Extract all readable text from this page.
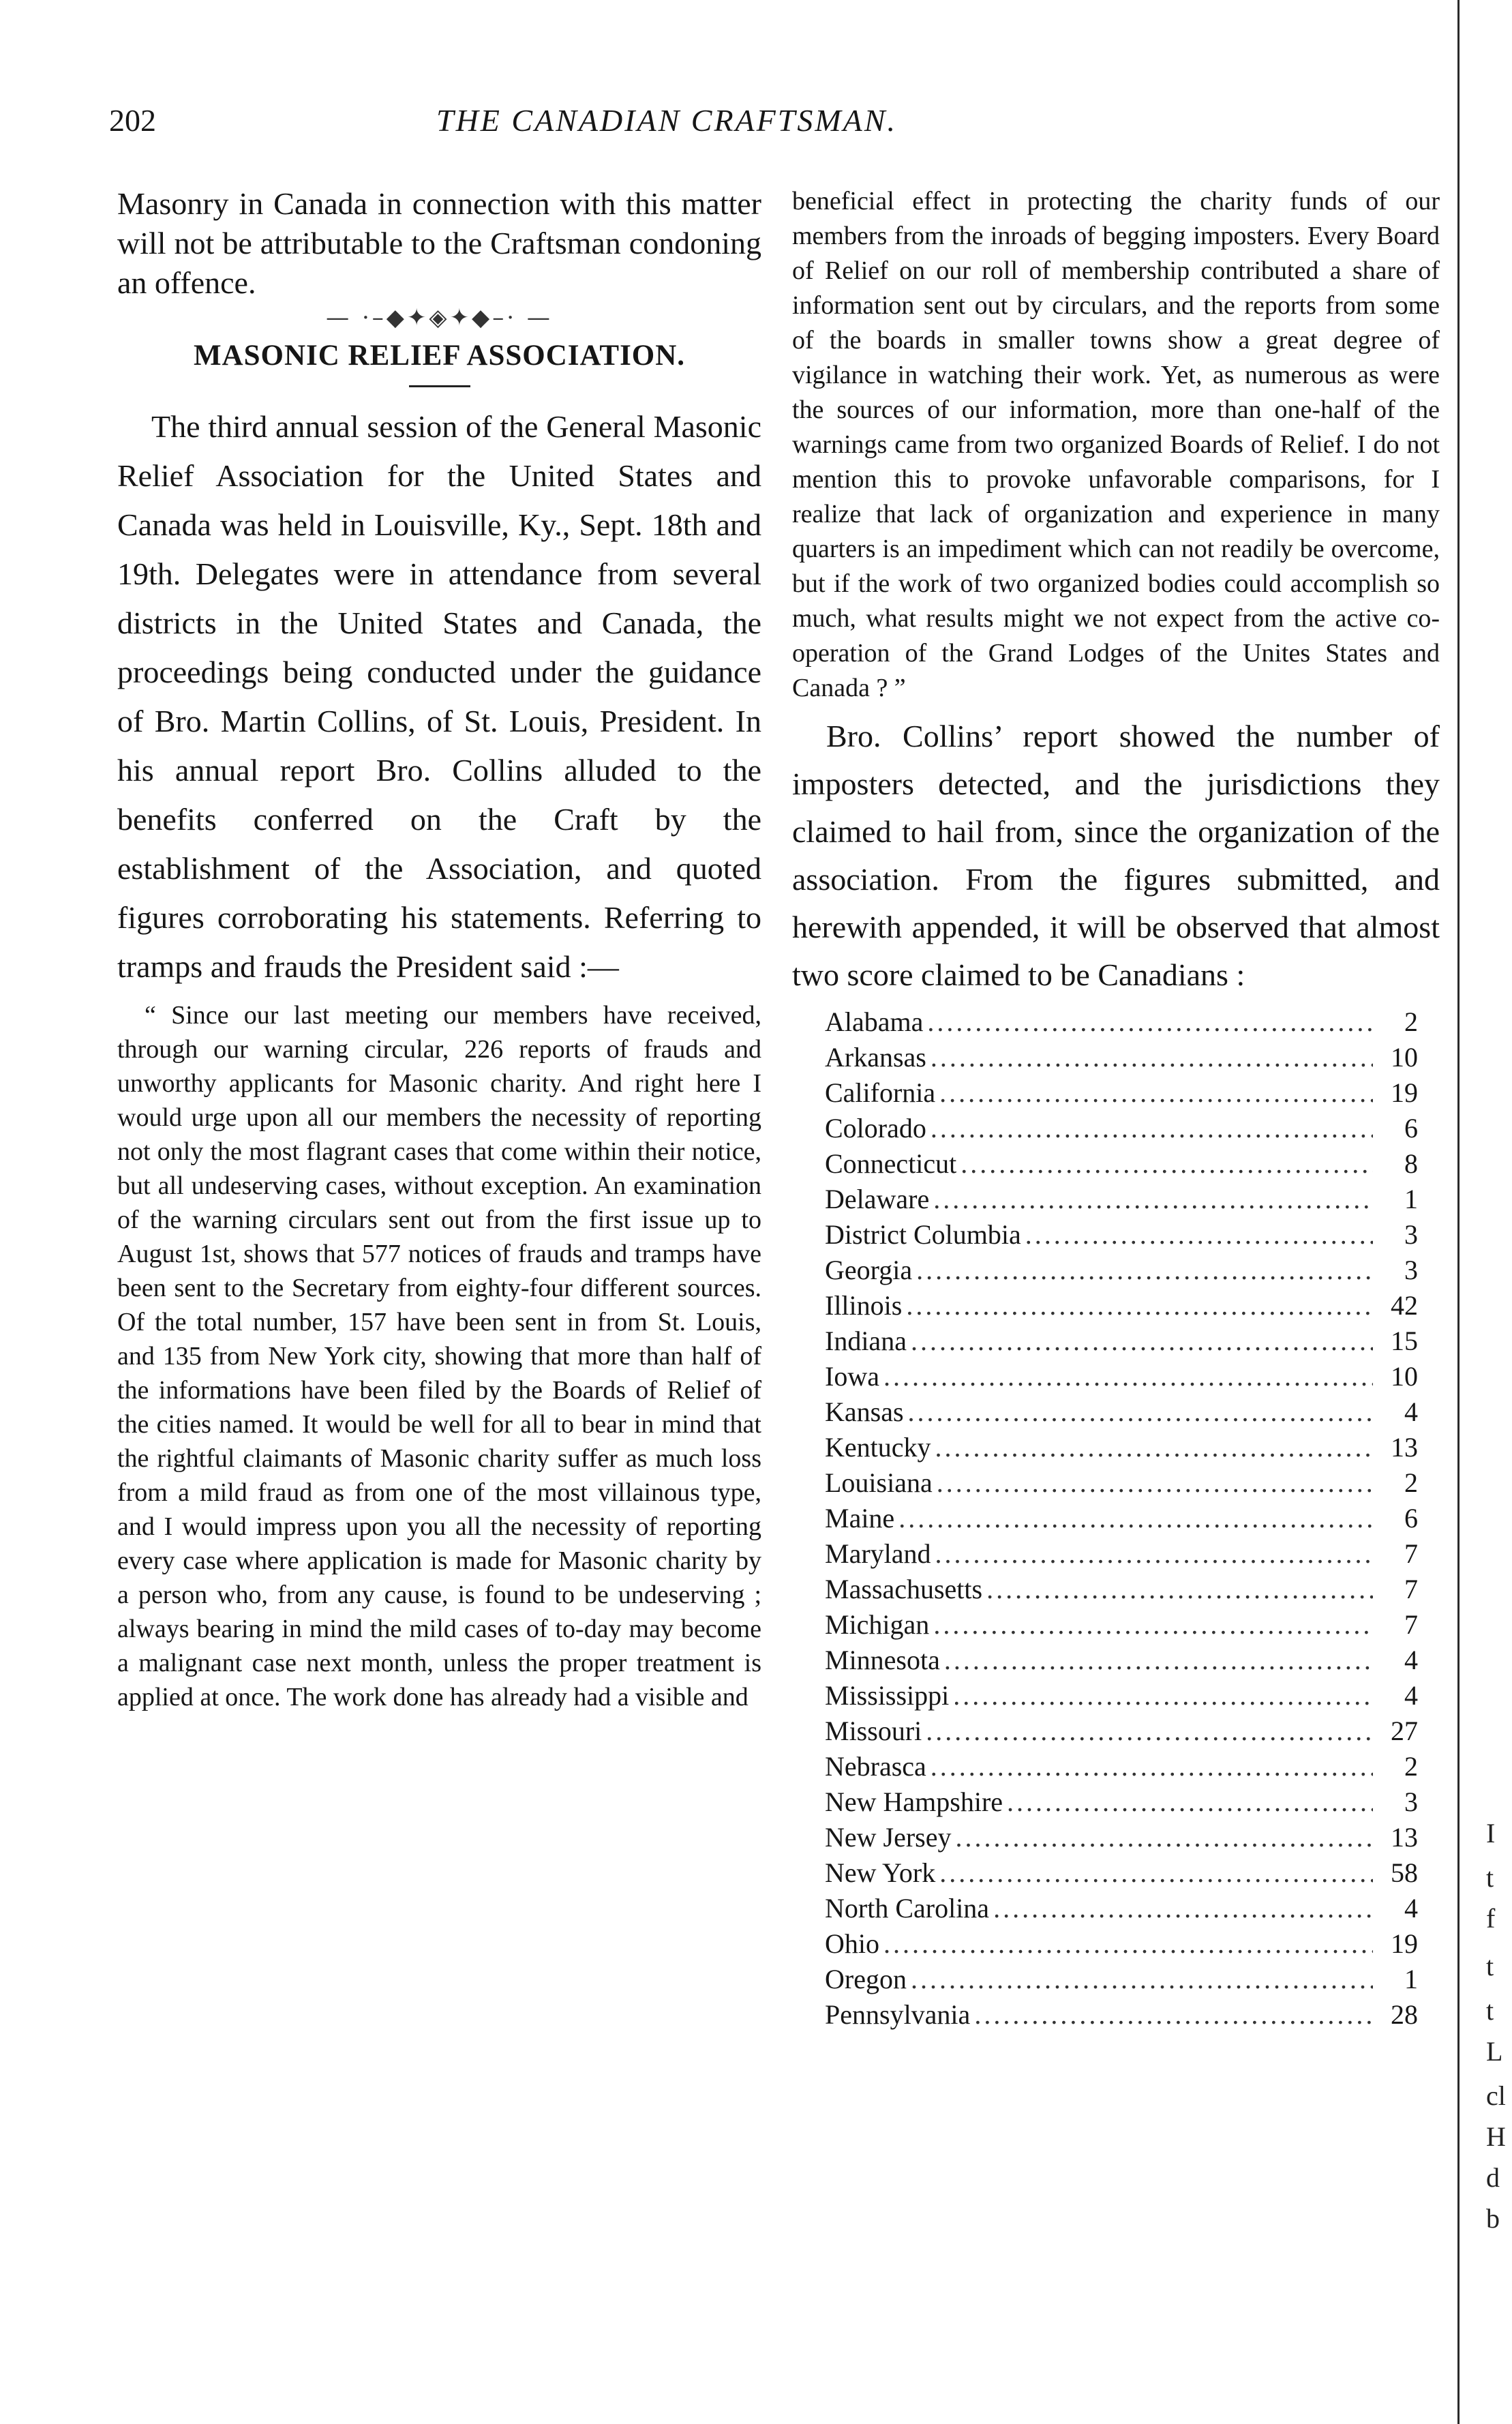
202	THE CANADIAN CRAFTSMAN.

Masonry in Canada in connection with this matter will not be attributable to the Craftsman condoning an offence.

— ·–◆✦◈✦◆–· —
MASONIC RELIEF ASSOCIATION.

The third annual session of the General Masonic Relief Association for the United States and Canada was held in Louisville, Ky., Sept. 18th and 19th. Delegates were in attendance from several districts in the United States and Canada, the proceedings being conducted under the guidance of Bro. Martin Collins, of St. Louis, President. In his annual report Bro. Collins alluded to the benefits conferred on the Craft by the establishment of the Association, and quoted figures corroborating his statements. Referring to tramps and frauds the President said :—

“ Since our last meeting our members have received, through our warning circular, 226 reports of frauds and unworthy applicants for Masonic charity. And right here I would urge upon all our members the necessity of reporting not only the most flagrant cases that come within their notice, but all undeserving cases, without exception. An examination of the warning circulars sent out from the first issue up to August 1st, shows that 577 notices of frauds and tramps have been sent to the Secretary from eighty-four different sources. Of the total number, 157 have been sent in from St. Louis, and 135 from New York city, showing that more than half of the informations have been filed by the Boards of Relief of the cities named. It would be well for all to bear in mind that the rightful claimants of Masonic charity suffer as much loss from a mild fraud as from one of the most villainous type, and I would impress upon you all the necessity of reporting every case where application is made for Masonic charity by a person who, from any cause, is found to be undeserving ; always bearing in mind the mild cases of to-day may become a malignant case next month, unless the proper treatment is applied at once. The work done has already had a visible and

beneficial effect in protecting the charity funds of our members from the inroads of begging imposters. Every Board of Relief on our roll of membership contributed a share of information sent out by circulars, and the reports from some of the boards in smaller towns show a great degree of vigilance in watching their work. Yet, as numerous as were the sources of our information, more than one-half of the warnings came from two organized Boards of Relief. I do not mention this to provoke unfavorable comparisons, for I realize that lack of organization and experience in many quarters is an impediment which can not readily be overcome, but if the work of two organized bodies could accomplish so much, what results might we not expect from the active co-operation of the Grand Lodges of the Unites States and Canada ? ”

Bro. Collins’ report showed the number of imposters detected, and the jurisdictions they claimed to hail from, since the organization of the association. From the figures submitted, and herewith appended, it will be observed that almost two score claimed to be Canadians :

Alabama . . .	2
Arkansas . . .	10
California . . .	19
Colorado . . .	6
Connecticut . . .	8
Delaware . . .	1
District Columbia . . .	3
Georgia . . .	3
Illinois . . .	42
Indiana . . .	15
Iowa . . .	10
Kansas . . .	4
Kentucky . . .	13
Louisiana . . .	2
Maine . . .	6
Maryland . . .	7
Massachusetts . . .	7
Michigan . . .	7
Minnesota . . .	4
Mississippi . . .	4
Missouri . . .	27
Nebrasca . . .	2
New Hampshire . . .	3
New Jersey . . .	13
New York . . .	58
North Carolina . . .	4
Ohio . . .	19
Oregon . . .	1
Pennsylvania . . .	28
I
t
f
t
t
L
cl
H
d
b
